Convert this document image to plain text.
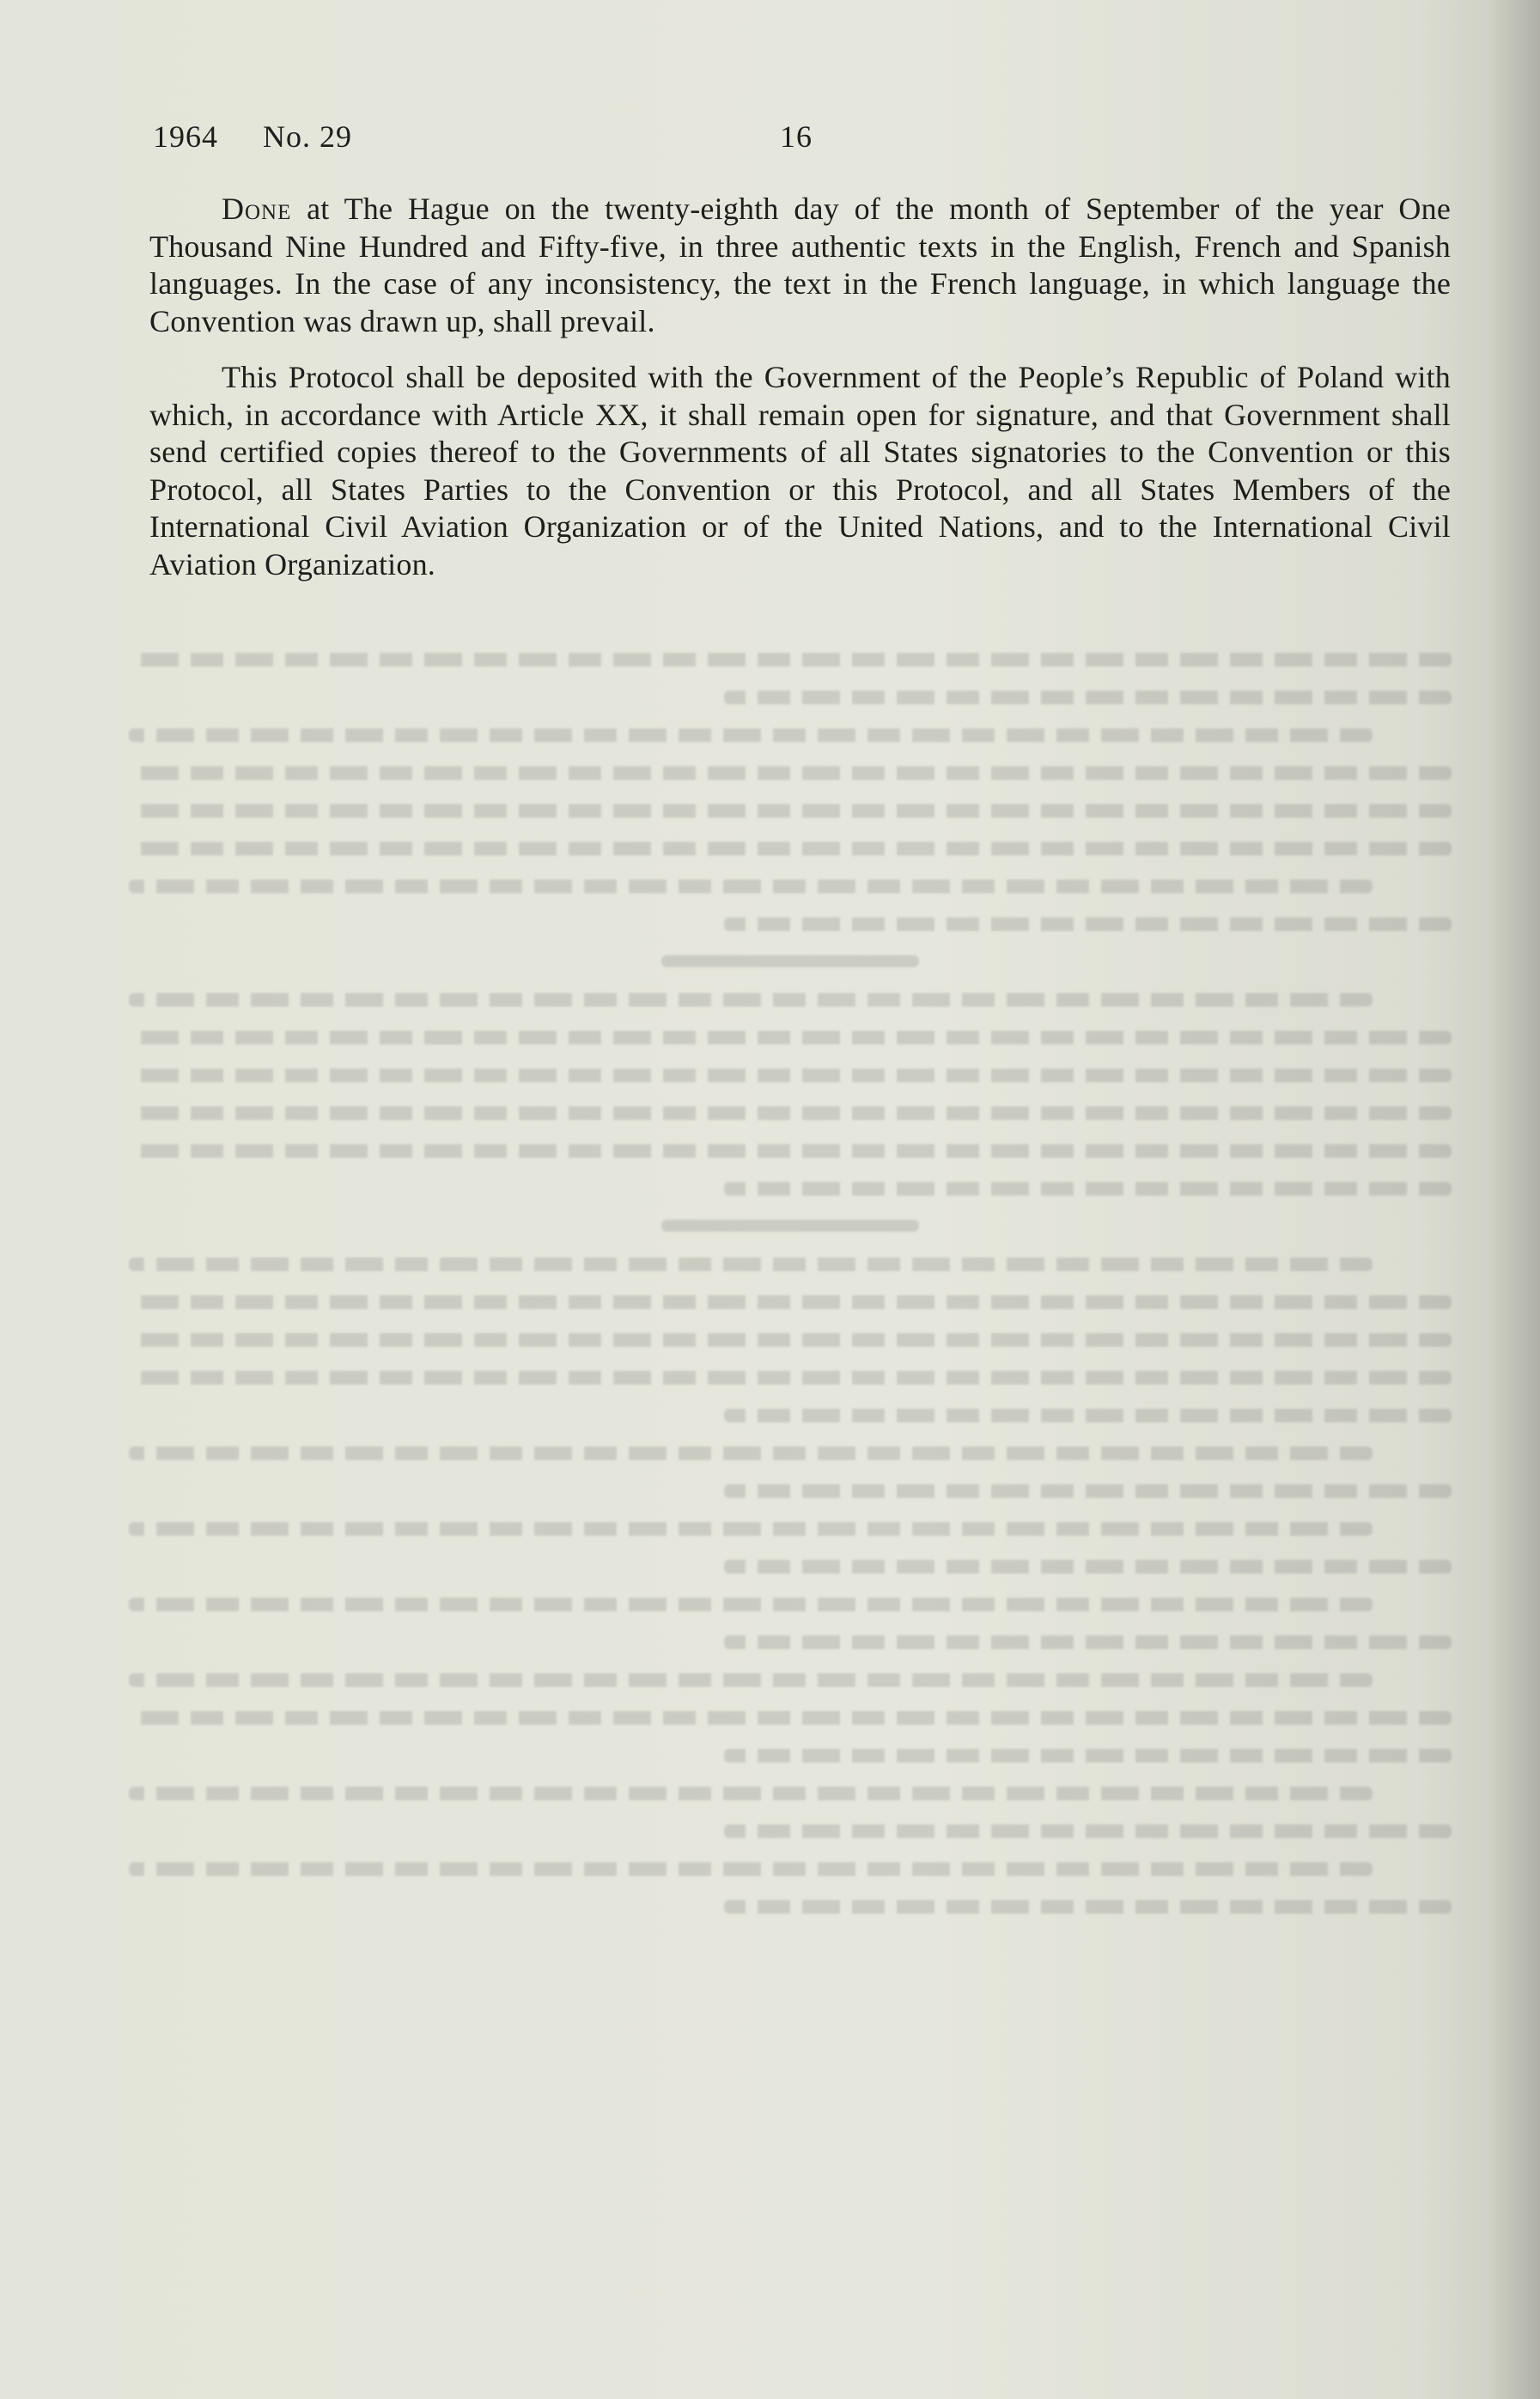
1964 No. 29	16

Done at The Hague on the twenty-eighth day of the month of September of the year One Thousand Nine Hundred and Fifty-five, in three authentic texts in the English, French and Spanish languages. In the case of any inconsistency, the text in the French language, in which language the Convention was drawn up, shall prevail.

This Protocol shall be deposited with the Government of the People’s Republic of Poland with which, in accordance with Article XX, it shall remain open for signature, and that Government shall send certified copies thereof to the Governments of all States signatories to the Convention or this Protocol, all States Parties to the Convention or this Protocol, and all States Members of the International Civil Aviation Organization or of the United Nations, and to the International Civil Aviation Organization.
